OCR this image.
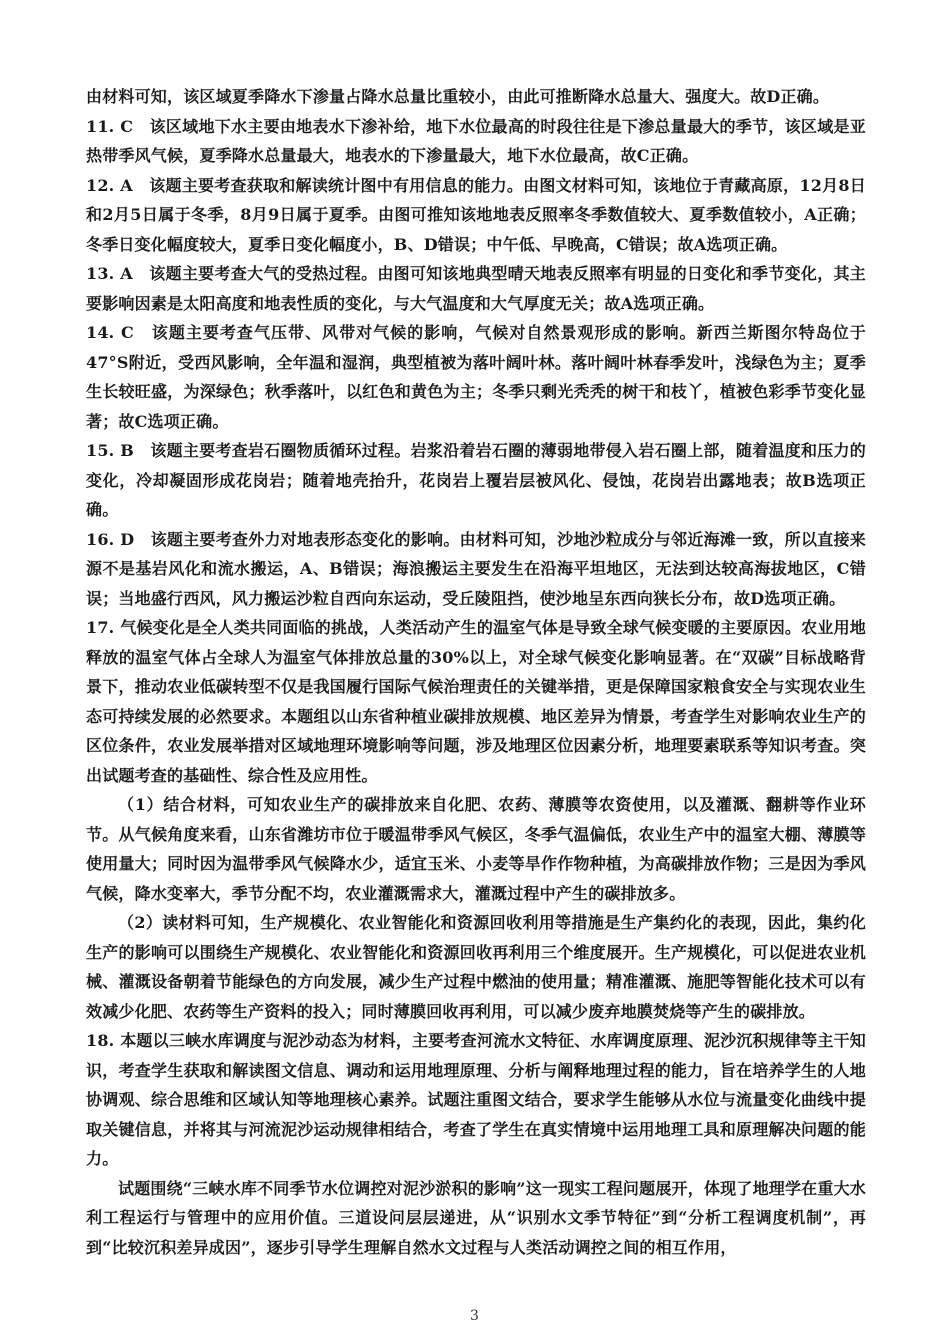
由材料可知，该区域夏季降水下渗量占降水总量比重较小，由此可推断降水总量大、强度大。故D正确。

11. C　该区域地下水主要由地表水下渗补给，地下水位最高的时段往往是下渗总量最大的季节，该区域是亚热带季风气候，夏季降水总量最大，地表水的下渗量最大，地下水位最高，故C正确。

12. A　该题主要考查获取和解读统计图中有用信息的能力。由图文材料可知，该地位于青藏高原，12月8日和2月5日属于冬季，8月9日属于夏季。由图可推知该地地表反照率冬季数值较大、夏季数值较小，A正确；冬季日变化幅度较大，夏季日变化幅度小，B、D错误；中午低、早晚高，C错误；故A选项正确。

13. A　该题主要考查大气的受热过程。由图可知该地典型晴天地表反照率有明显的日变化和季节变化，其主要影响因素是太阳高度和地表性质的变化，与大气温度和大气厚度无关；故A选项正确。

14. C　该题主要考查气压带、风带对气候的影响，气候对自然景观形成的影响。新西兰斯图尔特岛位于47°S附近，受西风影响，全年温和湿润，典型植被为落叶阔叶林。落叶阔叶林春季发叶，浅绿色为主；夏季生长较旺盛，为深绿色；秋季落叶，以红色和黄色为主；冬季只剩光秃秃的树干和枝丫，植被色彩季节变化显著；故C选项正确。

15. B　该题主要考查岩石圈物质循环过程。岩浆沿着岩石圈的薄弱地带侵入岩石圈上部，随着温度和压力的变化，冷却凝固形成花岗岩；随着地壳抬升，花岗岩上覆岩层被风化、侵蚀，花岗岩出露地表；故B选项正确。

16. D　该题主要考查外力对地表形态变化的影响。由材料可知，沙地沙粒成分与邻近海滩一致，所以直接来源不是基岩风化和流水搬运，A、B错误；海浪搬运主要发生在沿海平坦地区，无法到达较高海拔地区，C错误；当地盛行西风，风力搬运沙粒自西向东运动，受丘陵阻挡，使沙地呈东西向狭长分布，故D选项正确。

17. 气候变化是全人类共同面临的挑战，人类活动产生的温室气体是导致全球气候变暖的主要原因。农业用地释放的温室气体占全球人为温室气体排放总量的30%以上，对全球气候变化影响显著。在“双碳”目标战略背景下，推动农业低碳转型不仅是我国履行国际气候治理责任的关键举措，更是保障国家粮食安全与实现农业生态可持续发展的必然要求。本题组以山东省种植业碳排放规模、地区差异为情景，考查学生对影响农业生产的区位条件，农业发展举措对区域地理环境影响等问题，涉及地理区位因素分析，地理要素联系等知识考查。突出试题考查的基础性、综合性及应用性。

（1）结合材料，可知农业生产的碳排放来自化肥、农药、薄膜等农资使用，以及灌溉、翻耕等作业环节。从气候角度来看，山东省潍坊市位于暖温带季风气候区，冬季气温偏低，农业生产中的温室大棚、薄膜等使用量大；同时因为温带季风气候降水少，适宜玉米、小麦等旱作作物种植，为高碳排放作物；三是因为季风气候，降水变率大，季节分配不均，农业灌溉需求大，灌溉过程中产生的碳排放多。

（2）读材料可知，生产规模化、农业智能化和资源回收利用等措施是生产集约化的表现，因此，集约化生产的影响可以围绕生产规模化、农业智能化和资源回收再利用三个维度展开。生产规模化，可以促进农业机械、灌溉设备朝着节能绿色的方向发展，减少生产过程中燃油的使用量；精准灌溉、施肥等智能化技术可以有效减少化肥、农药等生产资料的投入；同时薄膜回收再利用，可以减少废弃地膜焚烧等产生的碳排放。

18. 本题以三峡水库调度与泥沙动态为材料，主要考查河流水文特征、水库调度原理、泥沙沉积规律等主干知识，考查学生获取和解读图文信息、调动和运用地理原理、分析与阐释地理过程的能力，旨在培养学生的人地协调观、综合思维和区域认知等地理核心素养。试题注重图文结合，要求学生能够从水位与流量变化曲线中提取关键信息，并将其与河流泥沙运动规律相结合，考查了学生在真实情境中运用地理工具和原理解决问题的能力。

试题围绕“三峡水库不同季节水位调控对泥沙淤积的影响”这一现实工程问题展开，体现了地理学在重大水利工程运行与管理中的应用价值。三道设问层层递进，从“识别水文季节特征”到“分析工程调度机制”，再到“比较沉积差异成因”，逐步引导学生理解自然水文过程与人类活动调控之间的相互作用，

3
